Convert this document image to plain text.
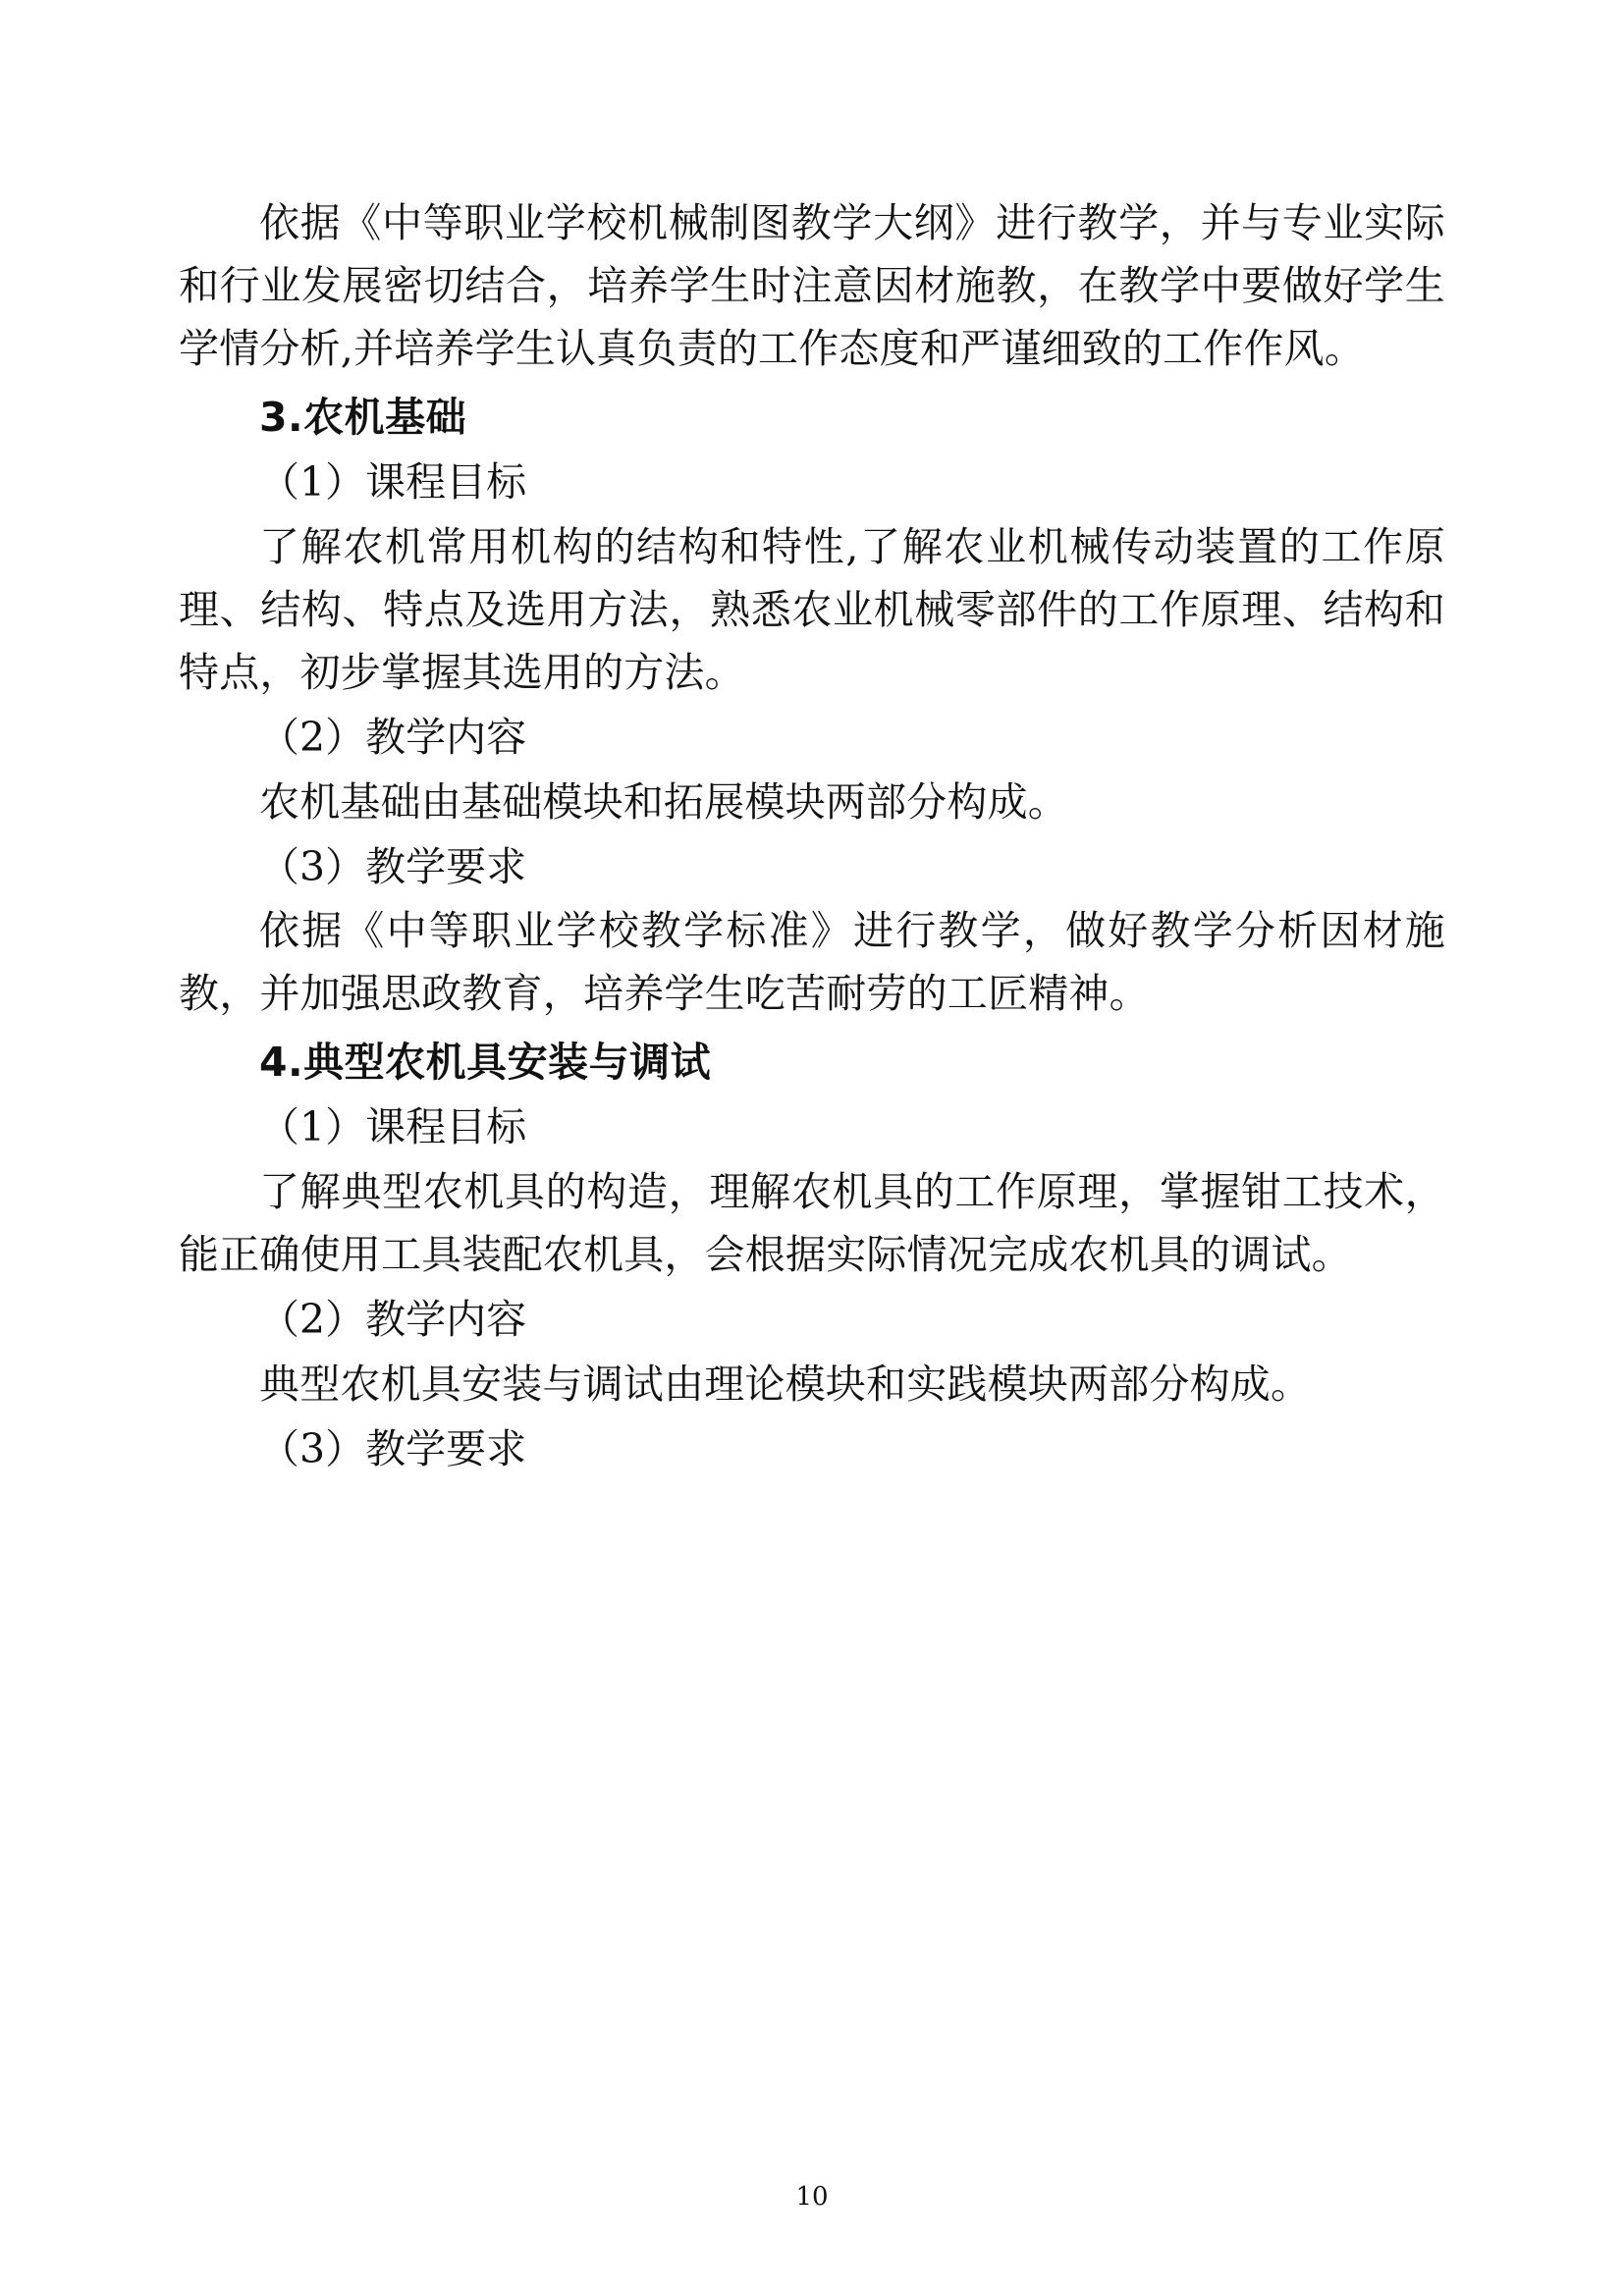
依据《中等职业学校机械制图教学大纲》进行教学，并与专业实际和行业发展密切结合，培养学生时注意因材施教，在教学中要做好学生学情分析,并培养学生认真负责的工作态度和严谨细致的工作作风。

3.农机基础

（1）课程目标

了解农机常用机构的结构和特性,了解农业机械传动装置的工作原理、结构、特点及选用方法，熟悉农业机械零部件的工作原理、结构和特点，初步掌握其选用的方法。

（2）教学内容

农机基础由基础模块和拓展模块两部分构成。

（3）教学要求

依据《中等职业学校教学标准》进行教学，做好教学分析因材施教，并加强思政教育，培养学生吃苦耐劳的工匠精神。

4.典型农机具安装与调试

（1）课程目标

了解典型农机具的构造，理解农机具的工作原理，掌握钳工技术，能正确使用工具装配农机具，会根据实际情况完成农机具的调试。

（2）教学内容

典型农机具安装与调试由理论模块和实践模块两部分构成。

（3）教学要求

10
